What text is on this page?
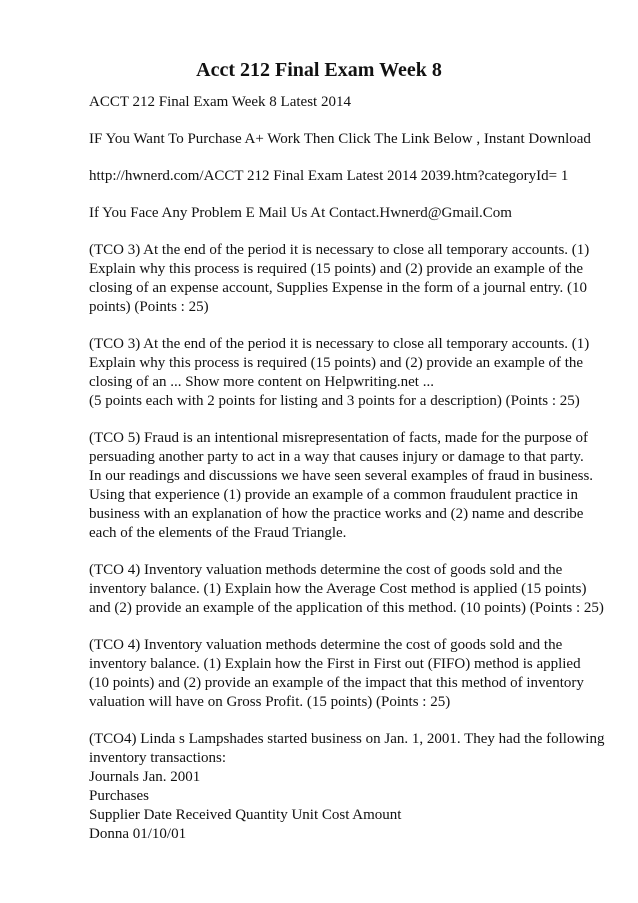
Acct 212 Final Exam Week 8

ACCT 212 Final Exam Week 8 Latest 2014

IF You Want To Purchase A+ Work Then Click The Link Below , Instant Download

http://hwnerd.com/ACCT 212 Final Exam Latest 2014 2039.htm?categoryId= 1

If You Face Any Problem E Mail Us At Contact.Hwnerd@Gmail.Com

(TCO 3) At the end of the period it is necessary to close all temporary accounts. (1)
Explain why this process is required (15 points) and (2) provide an example of the
closing of an expense account, Supplies Expense in the form of a journal entry. (10
points) (Points : 25)

(TCO 3) At the end of the period it is necessary to close all temporary accounts. (1)
Explain why this process is required (15 points) and (2) provide an example of the
closing of an ... Show more content on Helpwriting.net ...
(5 points each with 2 points for listing and 3 points for a description) (Points : 25)

(TCO 5) Fraud is an intentional misrepresentation of facts, made for the purpose of
persuading another party to act in a way that causes injury or damage to that party.
In our readings and discussions we have seen several examples of fraud in business.
Using that experience (1) provide an example of a common fraudulent practice in
business with an explanation of how the practice works and (2) name and describe
each of the elements of the Fraud Triangle.

(TCO 4) Inventory valuation methods determine the cost of goods sold and the
inventory balance. (1) Explain how the Average Cost method is applied (15 points)
and (2) provide an example of the application of this method. (10 points) (Points : 25)

(TCO 4) Inventory valuation methods determine the cost of goods sold and the
inventory balance. (1) Explain how the First in First out (FIFO) method is applied
(10 points) and (2) provide an example of the impact that this method of inventory
valuation will have on Gross Profit. (15 points) (Points : 25)

(TCO4) Linda s Lampshades started business on Jan. 1, 2001. They had the following
inventory transactions:
Journals Jan. 2001
Purchases
Supplier Date Received Quantity Unit Cost Amount
Donna 01/10/01
